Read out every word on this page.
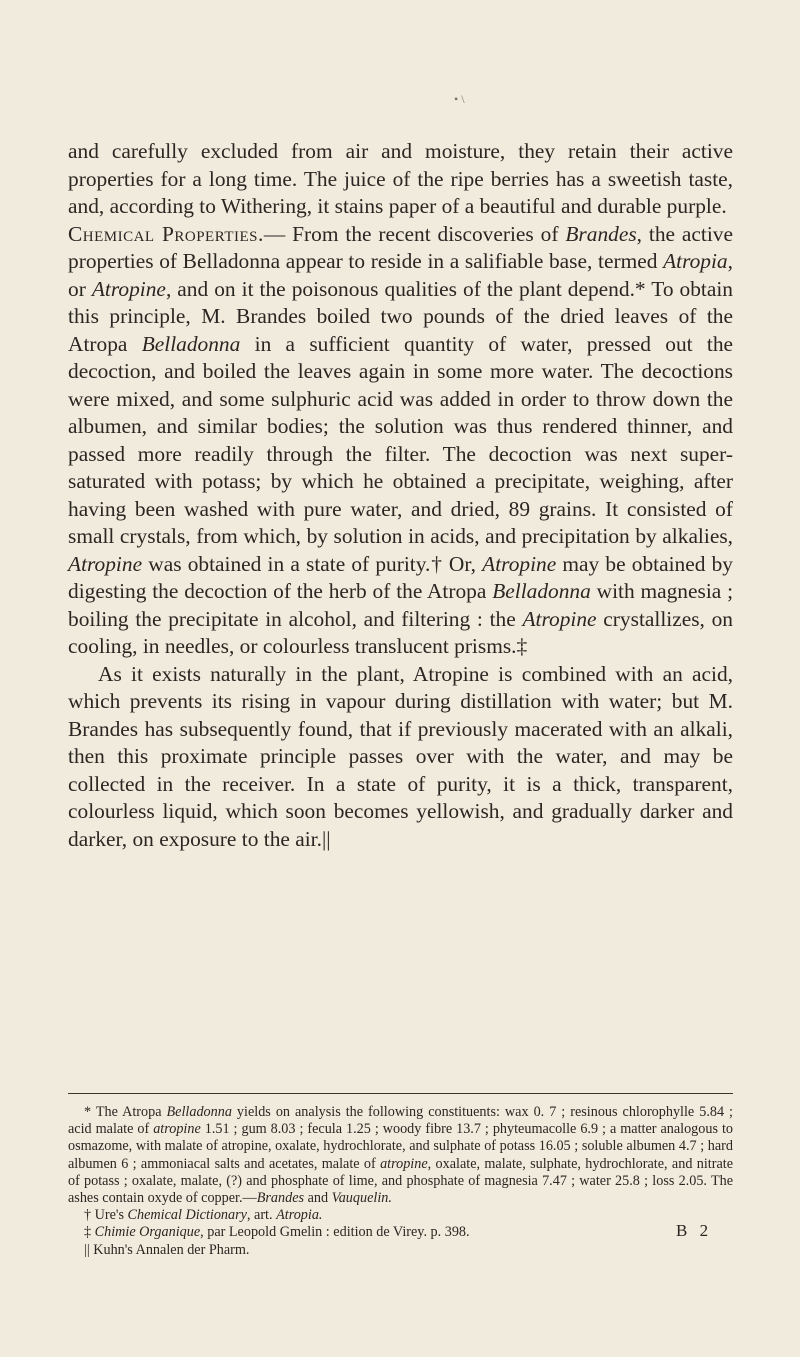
• \

and carefully excluded from air and moisture, they retain their active properties for a long time. The juice of the ripe berries has a sweetish taste, and, according to Withering, it stains paper of a beautiful and durable purple.

Chemical Properties.— From the recent discoveries of Brandes, the active properties of Belladonna appear to reside in a salifiable base, termed Atropia, or Atropine, and on it the poisonous qualities of the plant depend.* To obtain this principle, M. Brandes boiled two pounds of the dried leaves of the Atropa Belladonna in a sufficient quantity of water, pressed out the decoction, and boiled the leaves again in some more water. The decoctions were mixed, and some sulphuric acid was added in order to throw down the albumen, and similar bodies; the solution was thus rendered thinner, and passed more readily through the filter. The decoction was next super-saturated with potass; by which he obtained a precipitate, weighing, after having been washed with pure water, and dried, 89 grains. It consisted of small crystals, from which, by solution in acids, and precipitation by alkalies, Atropine was obtained in a state of purity.† Or, Atropine may be obtained by digesting the decoction of the herb of the Atropa Belladonna with magnesia ; boiling the precipitate in alcohol, and filtering : the Atropine crystallizes, on cooling, in needles, or colourless translucent prisms.‡

As it exists naturally in the plant, Atropine is combined with an acid, which prevents its rising in vapour during distillation with water; but M. Brandes has subsequently found, that if previously macerated with an alkali, then this proximate principle passes over with the water, and may be collected in the receiver. In a state of purity, it is a thick, transparent, colourless liquid, which soon becomes yellowish, and gradually darker and darker, on exposure to the air.||

* The Atropa Belladonna yields on analysis the following constituents: wax 0. 7 ; resinous chlorophylle 5.84 ; acid malate of atropine 1.51 ; gum 8.03 ; fecula 1.25 ; woody fibre 13.7 ; phyteumacolle 6.9 ; a matter analogous to osmazome, with malate of atropine, oxalate, hydrochlorate, and sulphate of potass 16.05 ; soluble albumen 4.7 ; hard albumen 6 ; ammoniacal salts and acetates, malate of atropine, oxalate, malate, sulphate, hydrochlorate, and nitrate of potass ; oxalate, malate, (?) and phosphate of lime, and phosphate of magnesia 7.47 ; water 25.8 ; loss 2.05. The ashes contain oxyde of copper.—Brandes and Vauquelin.

† Ure's Chemical Dictionary, art. Atropia.

‡ Chimie Organique, par Leopold Gmelin : edition de Virey. p. 398.

|| Kuhn's Annalen der Pharm.

B 2
